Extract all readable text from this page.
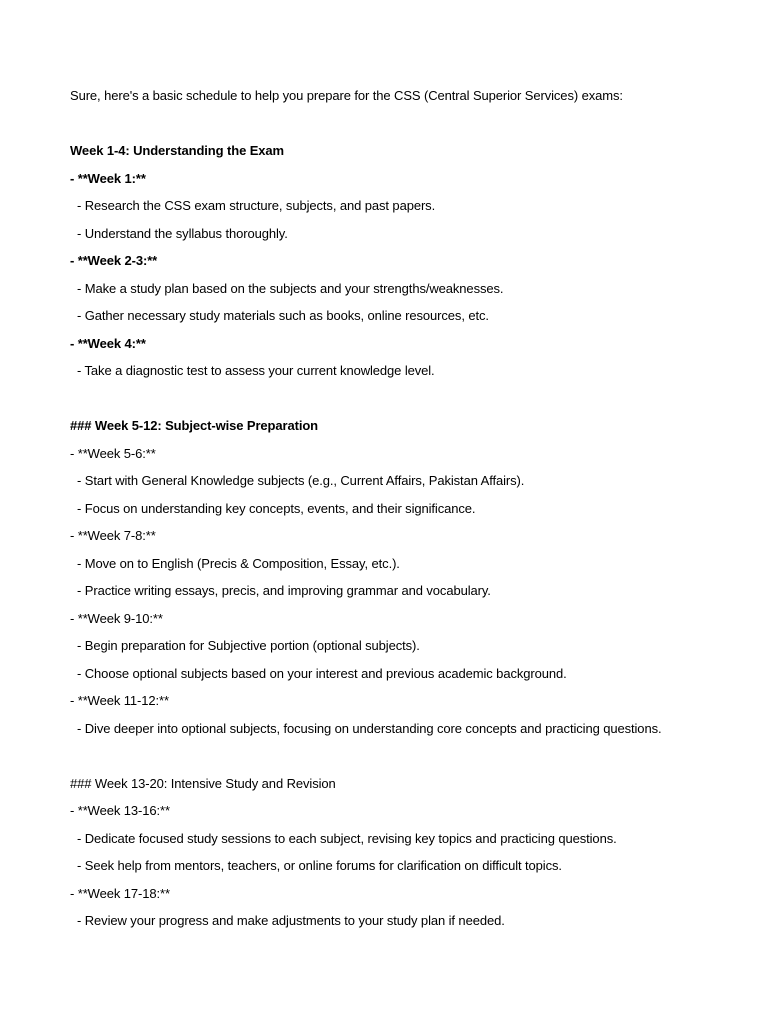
Sure, here's a basic schedule to help you prepare for the CSS (Central Superior Services) exams:
Week 1-4: Understanding the Exam
- **Week 1:**
- Research the CSS exam structure, subjects, and past papers.
- Understand the syllabus thoroughly.
- **Week 2-3:**
- Make a study plan based on the subjects and your strengths/weaknesses.
- Gather necessary study materials such as books, online resources, etc.
- **Week 4:**
- Take a diagnostic test to assess your current knowledge level.
### Week 5-12: Subject-wise Preparation
- **Week 5-6:**
- Start with General Knowledge subjects (e.g., Current Affairs, Pakistan Affairs).
- Focus on understanding key concepts, events, and their significance.
- **Week 7-8:**
- Move on to English (Precis & Composition, Essay, etc.).
- Practice writing essays, precis, and improving grammar and vocabulary.
- **Week 9-10:**
- Begin preparation for Subjective portion (optional subjects).
- Choose optional subjects based on your interest and previous academic background.
- **Week 11-12:**
- Dive deeper into optional subjects, focusing on understanding core concepts and practicing questions.
### Week 13-20: Intensive Study and Revision
- **Week 13-16:**
- Dedicate focused study sessions to each subject, revising key topics and practicing questions.
- Seek help from mentors, teachers, or online forums for clarification on difficult topics.
- **Week 17-18:**
- Review your progress and make adjustments to your study plan if needed.
